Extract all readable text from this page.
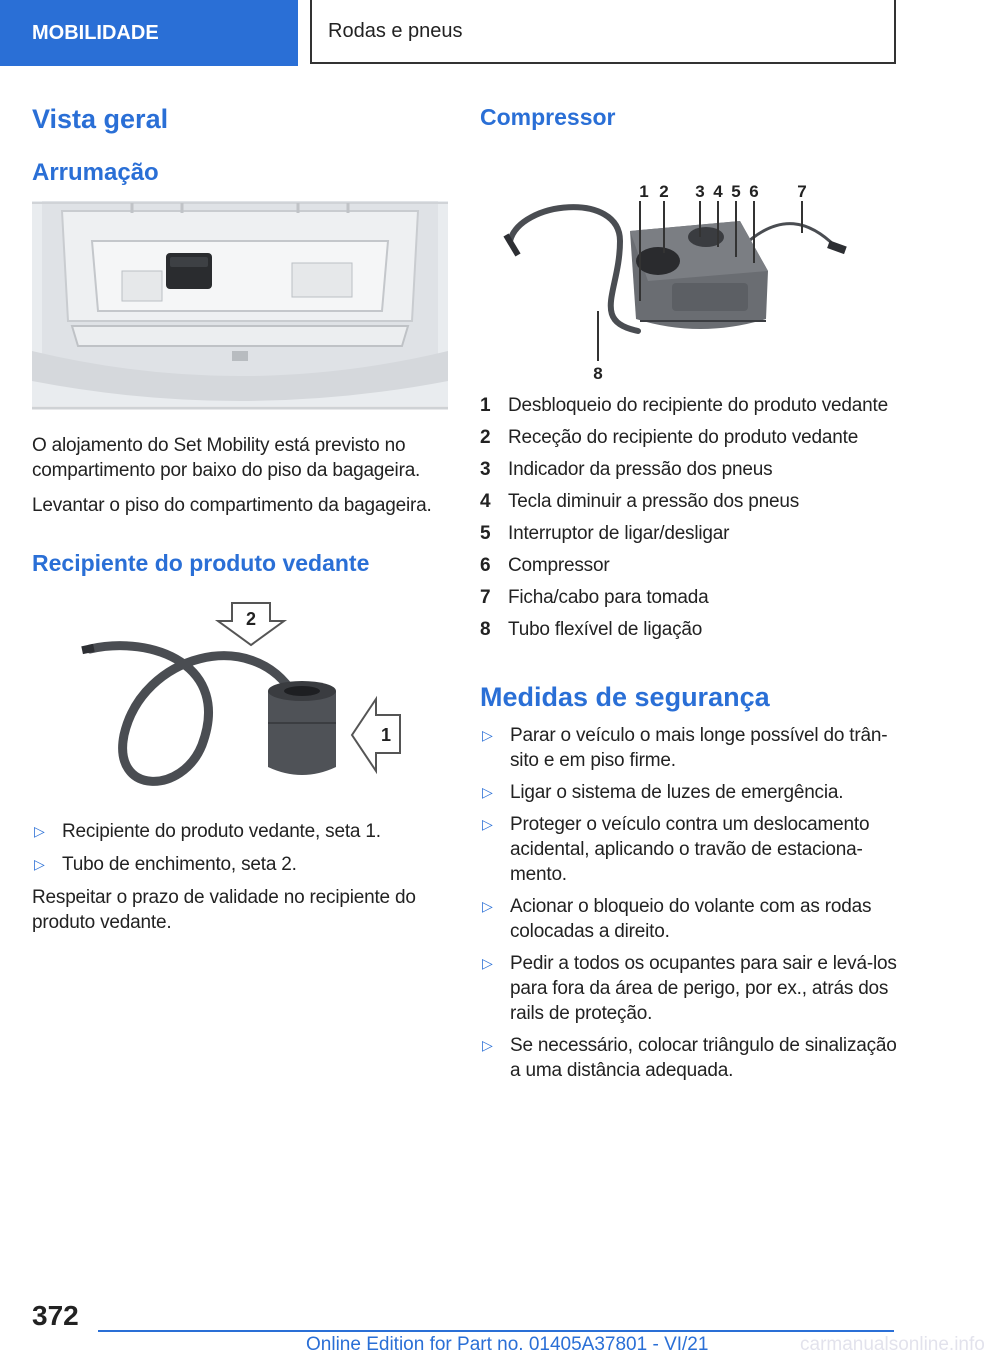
MOBILIDADE	Rodas e pneus
Vista geral
Arrumação

O alojamento do Set Mobility está previsto no compartimento por baixo do piso da bagageira.

Levantar o piso do compartimento da bagageira.

Recipiente do produto vedante
2
1
▷ Recipiente do produto vedante, seta 1.
▷ Tubo de enchimento, seta 2.

Respeitar o prazo de validade no recipiente do produto vedante.

Compressor
1 2 3 4 5 6 7
8
1 Desbloqueio do recipiente do produto vedante
2 Receção do recipiente do produto vedante
3 Indicador da pressão dos pneus
4 Tecla diminuir a pressão dos pneus
5 Interruptor de ligar/desligar
6 Compressor
7 Ficha/cabo para tomada
8 Tubo flexível de ligação
Medidas de segurança
▷ Parar o veículo o mais longe possível do trânsito e em piso firme.
▷ Ligar o sistema de luzes de emergência.
▷ Proteger o veículo contra um deslocamento acidental, aplicando o travão de estacionamento.
▷ Acionar o bloqueio do volante com as rodas colocadas a direito.
▷ Pedir a todos os ocupantes para sair e levá-los para fora da área de perigo, por ex., atrás dos rails de proteção.
▷ Se necessário, colocar triângulo de sinalização a uma distância adequada.
372
Online Edition for Part no. 01405A37801 - VI/21	carmanualsonline.info
